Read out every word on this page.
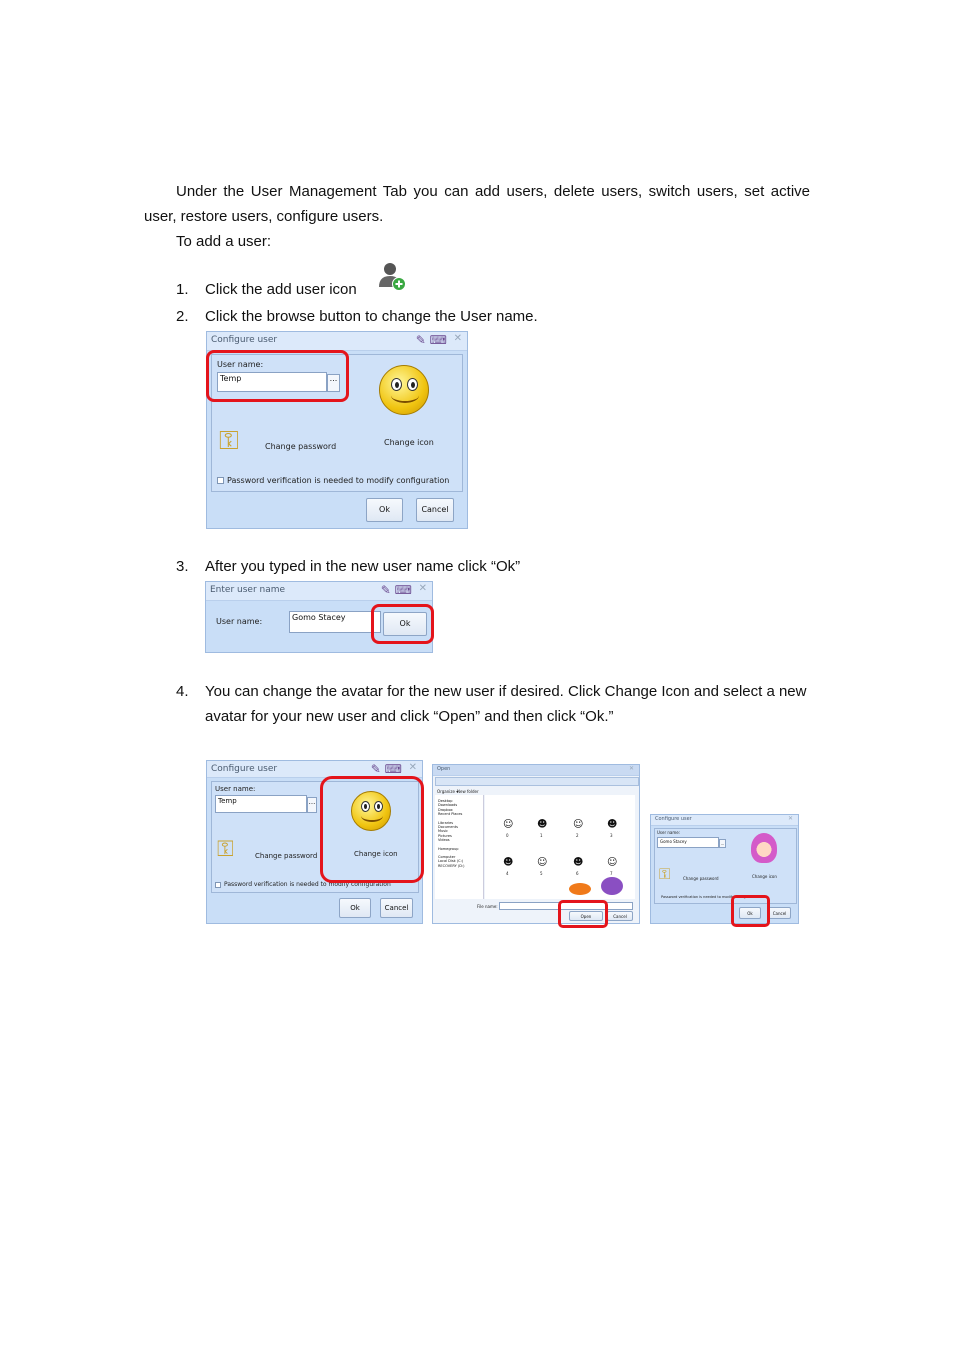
Under the User Management Tab you can add users, delete users, switch users, set active user, restore users, configure users.
To add a user:
1. Click the add user icon
2. Click the browse button to change the User name.
Configure user	✎ ⌨ ✕
User name:
Temp	...
⚿	Change password	Change icon
Password verification is needed to modify configuration
Ok	Cancel
3. After you typed in the new user name click “Ok”
Enter user name	✎ ⌨ ✕
User name:	Gomo Stacey
Ok
4. You can change the avatar for the new user if desired. Click Change Icon and select a new avatar for your new user and click “Open” and then click “Ok.”
Configure user	✎ ⌨ ✕
User name:
Temp	...
⚿	Change password	Change icon
Password verification is needed to modify configuration
Ok	Cancel
Open	✕
Organize ▾
New folder
Desktop
Downloads
Dropbox
Recent Places
Libraries
Documents
Music
Pictures
Videos
Homegroup
Computer
Local Disk (C:)
RECOVERY (D:)
☺ ☻	☺ ☻
0	1	2	3
☻ ☺	☻ ☺
4	5	6	7
File name:
Open	Cancel
Configure user	✕
User name:
Gomo Stacey	...
⚿	Change password	Change icon
Password verification is needed to modify configuration
Ok	Cancel
